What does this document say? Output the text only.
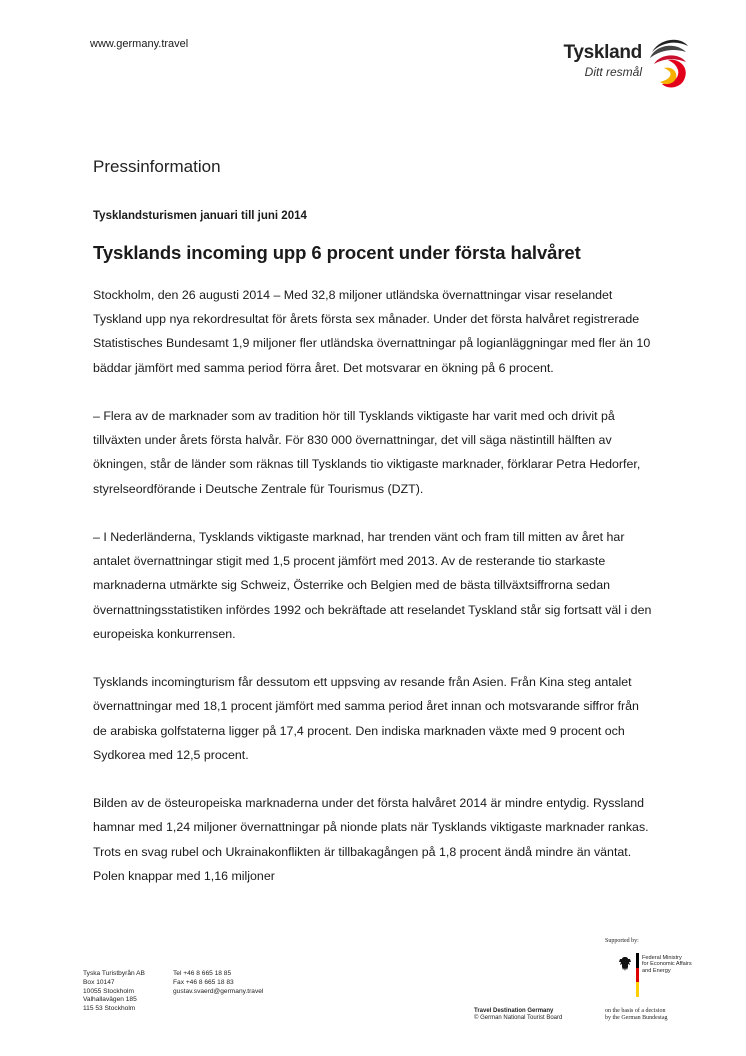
www.germany.travel	Tyskland
Ditt resmål
Pressinformation
Tysklandsturismen januari till juni 2014
Tysklands incoming upp 6 procent under första halvåret

Stockholm, den 26 augusti 2014 – Med 32,8 miljoner utländska övernattningar visar reselandet Tyskland upp nya rekordresultat för årets första sex månader. Under det första halvåret registrerade Statistisches Bundesamt 1,9 miljoner fler utländska övernattningar på logianläggningar med fler än 10 bäddar jämfört med samma period förra året. Det motsvarar en ökning på 6 procent.

– Flera av de marknader som av tradition hör till Tysklands viktigaste har varit med och drivit på tillväxten under årets första halvår. För 830 000 övernattningar, det vill säga nästintill hälften av ökningen, står de länder som räknas till Tysklands tio viktigaste marknader, förklarar Petra Hedorfer, styrelseordförande i Deutsche Zentrale für Tourismus (DZT).

– I Nederländerna, Tysklands viktigaste marknad, har trenden vänt och fram till mitten av året har antalet övernattningar stigit med 1,5 procent jämfört med 2013. Av de resterande tio starkaste marknaderna utmärkte sig Schweiz, Österrike och Belgien med de bästa tillväxtsiffrorna sedan övernattningsstatistiken infördes 1992 och bekräftade att reselandet Tyskland står sig fortsatt väl i den europeiska konkurrensen.

Tysklands incomingturism får dessutom ett uppsving av resande från Asien. Från Kina steg antalet övernattningar med 18,1 procent jämfört med samma period året innan och motsvarande siffror från de arabiska golfstaterna ligger på 17,4 procent. Den indiska marknaden växte med 9 procent och Sydkorea med 12,5 procent.

Bilden av de östeuropeiska marknaderna under det första halvåret 2014 är mindre entydig. Ryssland hamnar med 1,24 miljoner övernattningar på nionde plats när Tysklands viktigaste marknader rankas. Trots en svag rubel och Ukrainakonflikten är tillbakagången på 1,8 procent ändå mindre än väntat. Polen knappar med 1,16 miljoner

Tyska Turistbyrån AB
Box 10147
10055 Stockholm
Valhallavägen 185
115 53 Stockholm
Tel +46 8 665 18 85
Fax +46 8 665 18 83
gustav.svaerd@germany.travel
Supported by:
Federal Ministry
for Economic Affairs
and Energy
Travel Destination Germany
© German National Tourist Board
on the basis of a decision
by the German Bundestag
